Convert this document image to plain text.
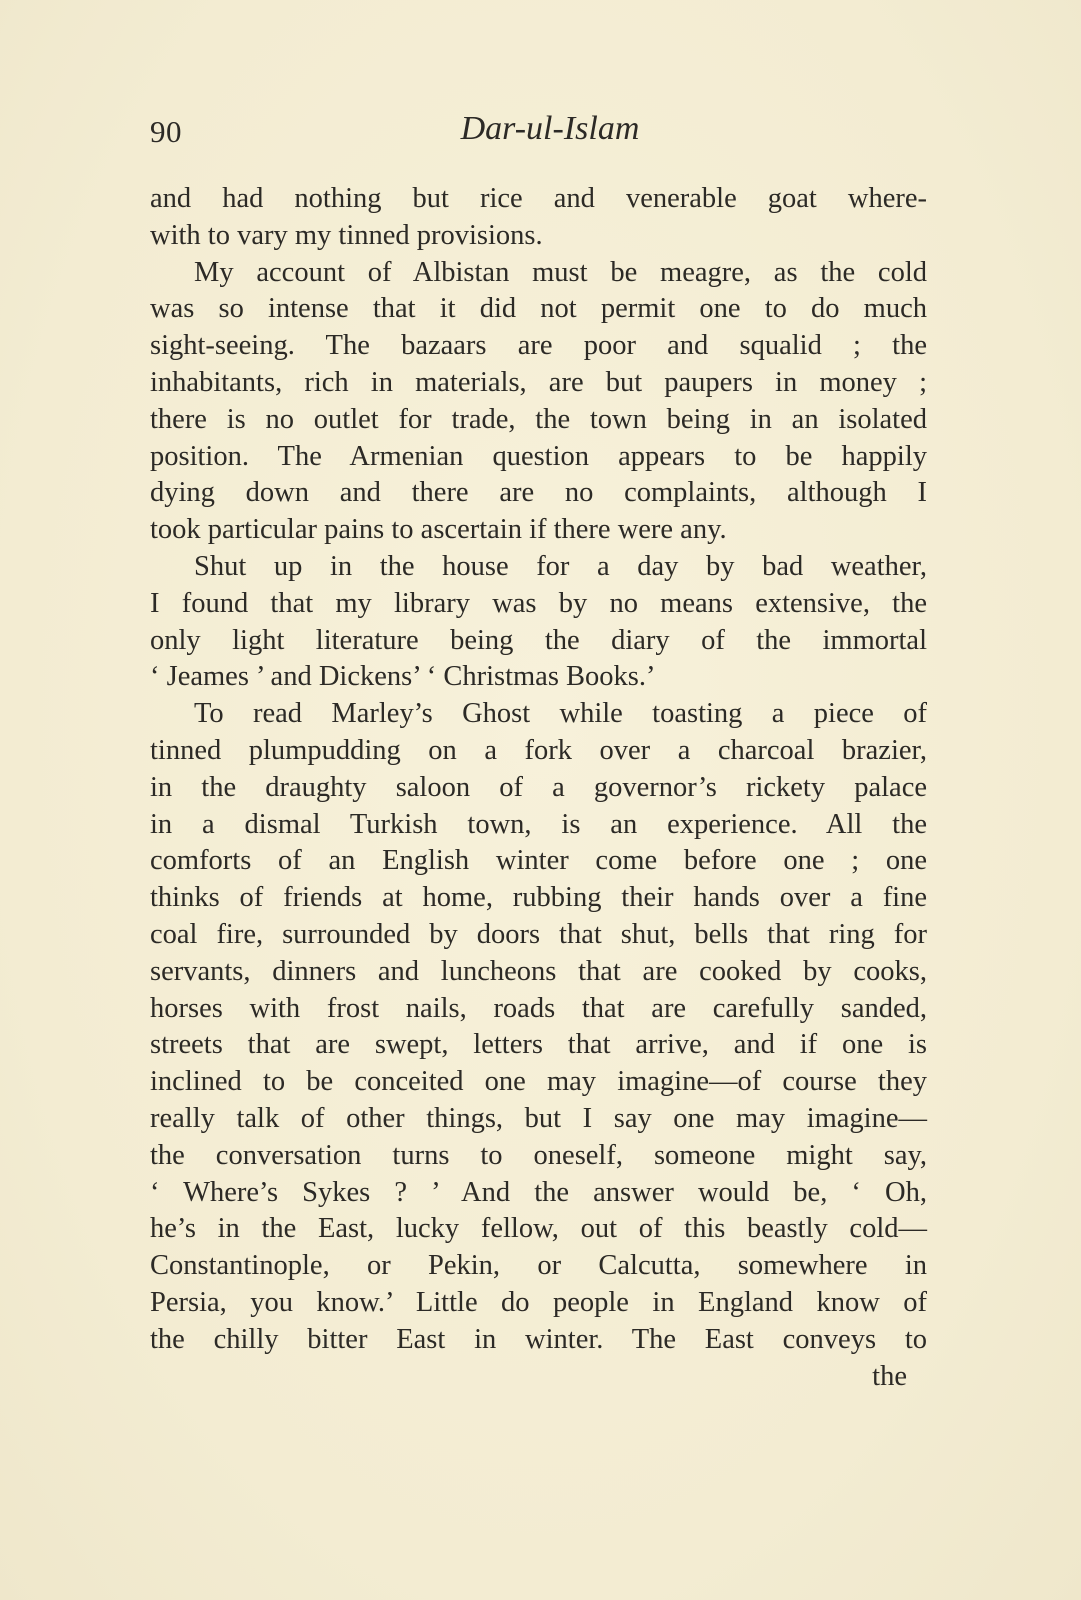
90	Dar-ul-Islam

and had nothing but rice and venerable goat where-
with to vary my tinned provisions.

My account of Albistan must be meagre, as the cold
was so intense that it did not permit one to do much
sight-seeing. The bazaars are poor and squalid ; the
inhabitants, rich in materials, are but paupers in money ;
there is no outlet for trade, the town being in an isolated
position. The Armenian question appears to be happily
dying down and there are no complaints, although I
took particular pains to ascertain if there were any.

Shut up in the house for a day by bad weather,
I found that my library was by no means extensive, the
only light literature being the diary of the immortal
‘ Jeames ’ and Dickens’ ‘ Christmas Books.’

To read Marley’s Ghost while toasting a piece of
tinned plumpudding on a fork over a charcoal brazier,
in the draughty saloon of a governor’s rickety palace
in a dismal Turkish town, is an experience. All the
comforts of an English winter come before one ; one
thinks of friends at home, rubbing their hands over a fine
coal fire, surrounded by doors that shut, bells that ring for
servants, dinners and luncheons that are cooked by cooks,
horses with frost nails, roads that are carefully sanded,
streets that are swept, letters that arrive, and if one is
inclined to be conceited one may imagine—of course they
really talk of other things, but I say one may imagine—
the conversation turns to oneself, someone might say,
‘ Where’s Sykes ? ’ And the answer would be, ‘ Oh,
he’s in the East, lucky fellow, out of this beastly cold—
Constantinople, or Pekin, or Calcutta, somewhere in
Persia, you know.’ Little do people in England know of
the chilly bitter East in winter. The East conveys to

the
